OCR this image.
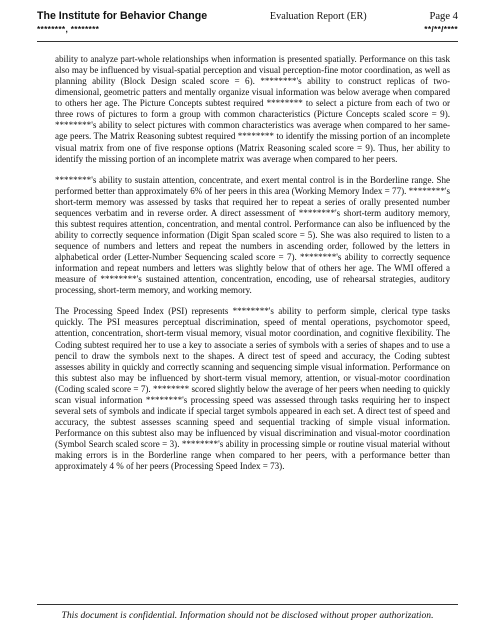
The Institute for Behavior Change	Evaluation Report (ER)	Page 4
********, ********	**/**/****

ability to analyze part-whole relationships when information is presented spatially. Performance on this task also may be influenced by visual-spatial perception and visual perception-fine motor coordination, as well as planning ability (Block Design scaled score = 6). ********'s ability to construct replicas of two-dimensional, geometric patters and mentally organize visual information was below average when compared to others her age. The Picture Concepts subtest required ******** to select a picture from each of two or three rows of pictures to form a group with common characteristics (Picture Concepts scaled score = 9). ********'s ability to select pictures with common characteristics was average when compared to her same-age peers. The Matrix Reasoning subtest required ******** to identify the missing portion of an incomplete visual matrix from one of five response options (Matrix Reasoning scaled score = 9). Thus, her ability to identify the missing portion of an incomplete matrix was average when compared to her peers.

********'s ability to sustain attention, concentrate, and exert mental control is in the Borderline range. She performed better than approximately 6% of her peers in this area (Working Memory Index = 77). ********'s short-term memory was assessed by tasks that required her to repeat a series of orally presented number sequences verbatim and in reverse order. A direct assessment of ********'s short-term auditory memory, this subtest requires attention, concentration, and mental control. Performance can also be influenced by the ability to correctly sequence information (Digit Span scaled score = 5). She was also required to listen to a sequence of numbers and letters and repeat the numbers in ascending order, followed by the letters in alphabetical order (Letter-Number Sequencing scaled score = 7). ********'s ability to correctly sequence information and repeat numbers and letters was slightly below that of others her age. The WMI offered a measure of ********'s sustained attention, concentration, encoding, use of rehearsal strategies, auditory processing, short-term memory, and working memory.

The Processing Speed Index (PSI) represents ********'s ability to perform simple, clerical type tasks quickly. The PSI measures perceptual discrimination, speed of mental operations, psychomotor speed, attention, concentration, short-term visual memory, visual motor coordination, and cognitive flexibility. The Coding subtest required her to use a key to associate a series of symbols with a series of shapes and to use a pencil to draw the symbols next to the shapes. A direct test of speed and accuracy, the Coding subtest assesses ability in quickly and correctly scanning and sequencing simple visual information. Performance on this subtest also may be influenced by short-term visual memory, attention, or visual-motor coordination (Coding scaled score = 7). ******** scored slightly below the average of her peers when needing to quickly scan visual information ********'s processing speed was assessed through tasks requiring her to inspect several sets of symbols and indicate if special target symbols appeared in each set. A direct test of speed and accuracy, the subtest assesses scanning speed and sequential tracking of simple visual information. Performance on this subtest also may be influenced by visual discrimination and visual-motor coordination (Symbol Search scaled score = 3). ********'s ability in processing simple or routine visual material without making errors is in the Borderline range when compared to her peers, with a performance better than approximately 4 % of her peers (Processing Speed Index = 73).

This document is confidential. Information should not be disclosed without proper authorization.
